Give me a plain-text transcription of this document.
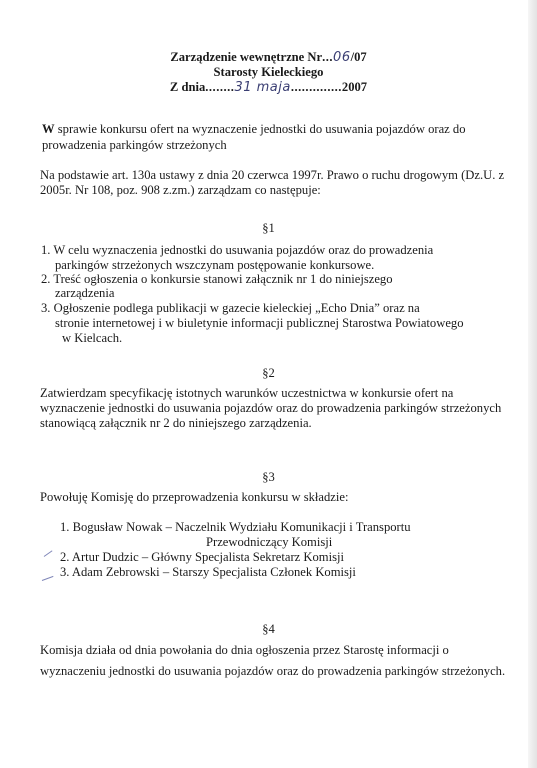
Zarządzenie wewnętrzne Nr...06/07
Starosty Kieleckiego
Z dnia........31 maja..............2007
W sprawie konkursu ofert na wyznaczenie jednostki do usuwania pojazdów oraz do
prowadzenia parkingów strzeżonych
Na podstawie art. 130a ustawy z dnia 20 czerwca 1997r. Prawo o ruchu drogowym (Dz.U. z
2005r. Nr 108, poz. 908 z.zm.) zarządzam co następuje:
§1
1. W celu wyznaczenia jednostki do usuwania pojazdów oraz do prowadzenia
parkingów strzeżonych wszczynam postępowanie konkursowe.
2. Treść ogłoszenia o konkursie stanowi załącznik nr 1 do niniejszego
zarządzenia
3. Ogłoszenie podlega publikacji w gazecie kieleckiej „Echo Dnia” oraz na
stronie internetowej i w biuletynie informacji publicznej Starostwa Powiatowego
w Kielcach.
§2
Zatwierdzam specyfikację istotnych warunków uczestnictwa w konkursie ofert na
wyznaczenie jednostki do usuwania pojazdów oraz do prowadzenia parkingów strzeżonych
stanowiącą załącznik nr 2 do niniejszego zarządzenia.
§3
Powołuję Komisję do przeprowadzenia konkursu w składzie:
1. Bogusław Nowak – Naczelnik Wydziału Komunikacji i Transportu
Przewodniczący Komisji
2. Artur Dudzic – Główny Specjalista Sekretarz Komisji
3. Adam Zebrowski – Starszy Specjalista Członek Komisji
§4
Komisja działa od dnia powołania do dnia ogłoszenia przez Starostę informacji o
wyznaczeniu jednostki do usuwania pojazdów oraz do prowadzenia parkingów strzeżonych.
